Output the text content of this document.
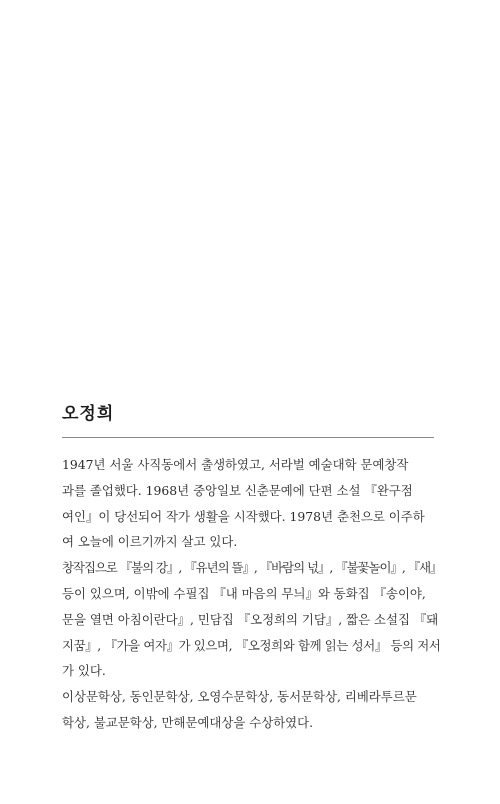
오정희
1947년 서울 사직동에서 출생하였고, 서라벌 예술대학 문예창작
과를 졸업했다. 1968년 중앙일보 신춘문예에 단편 소설 『완구점
여인』이 당선되어 작가 생활을 시작했다. 1978년 춘천으로 이주하
여 오늘에 이르기까지 살고 있다.
창작집으로 『불의 강』, 『유년의 뜰』, 『바람의 넋』, 『불꽃놀이』, 『새』
등이 있으며, 이밖에 수필집 『내 마음의 무늬』와 동화집 『송이야,
문을 열면 아침이란다』, 민담집 『오정희의 기담』, 짧은 소설집 『돼
지꿈』, 『가을 여자』가 있으며, 『오정희와 함께 읽는 성서』 등의 저서
가 있다.
이상문학상, 동인문학상, 오영수문학상, 동서문학상, 리베라투르문
학상, 불교문학상, 만해문예대상을 수상하였다.
